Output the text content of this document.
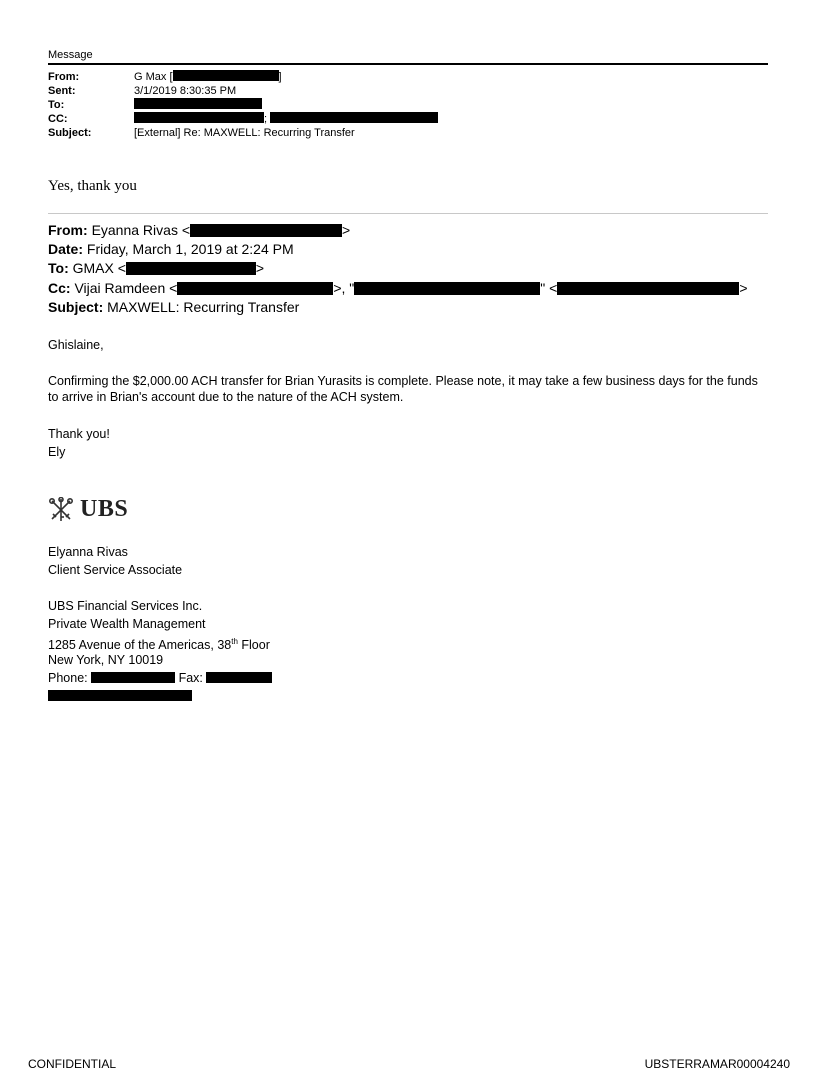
Message
From:	G Max [	]
Sent:	3/1/2019 8:30:35 PM
To:
CC:	;
Subject:	[External] Re: MAXWELL: Recurring Transfer
Yes, thank you
From: Eyanna Rivas <	>
Date: Friday, March 1, 2019 at 2:24 PM
To: GMAX <	>
Cc: Vijai Ramdeen <	>, "	" <	>
Subject: MAXWELL: Recurring Transfer
Ghislaine,
Confirming the $2,000.00 ACH transfer for Brian Yurasits is complete. Please note, it may take a few business days for the funds to arrive in Brian's account due to the nature of the ACH system.
Thank you!
Ely
UBS
Elyanna Rivas
Client Service Associate
UBS Financial Services Inc.
Private Wealth Management
1285 Avenue of the Americas, 38th Floor
New York, NY 10019
Phone:	Fax:
CONFIDENTIAL	UBSTERRAMAR00004240
